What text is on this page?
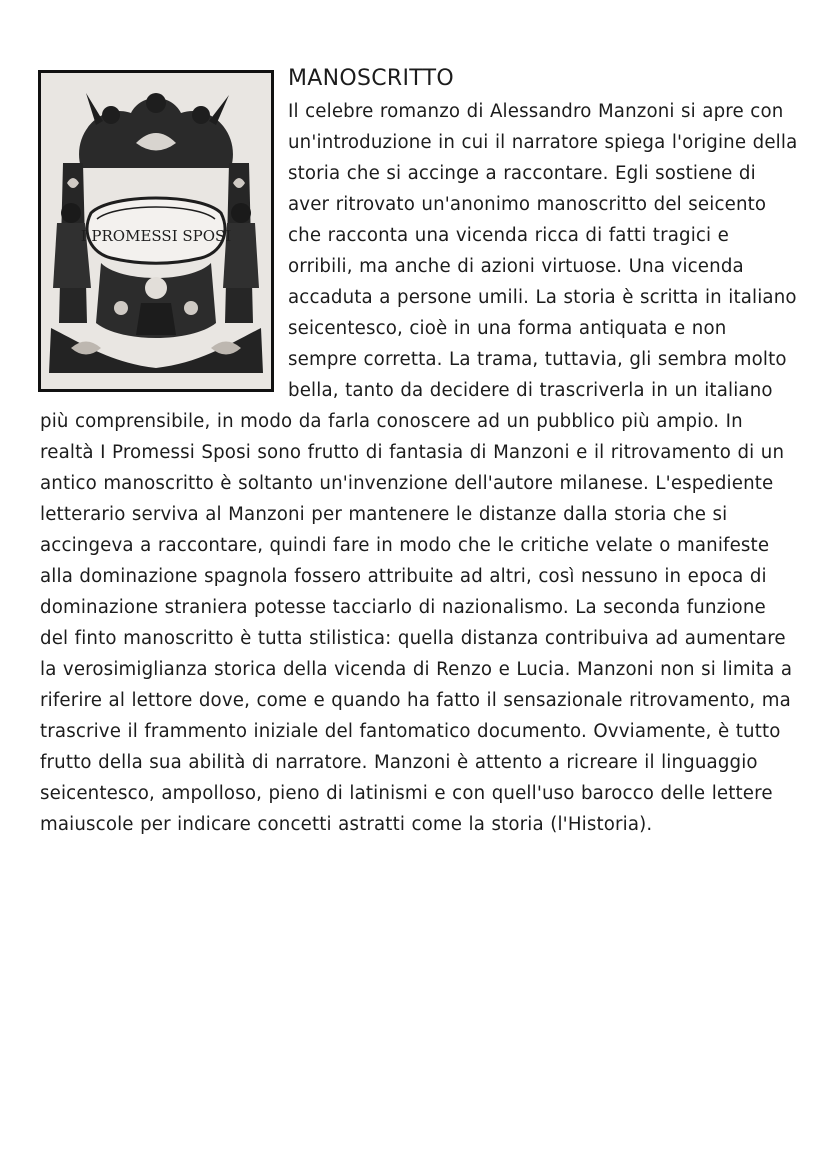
I PROMESSI SPOSI
MANOSCRITTO

Il celebre romanzo di Alessandro Manzoni si apre con un'introduzione in cui il narratore spiega l'origine della storia che si accinge a raccontare. Egli sostiene di aver ritrovato un'anonimo manoscritto del seicento che racconta una vicenda ricca di fatti tragici e orribili, ma anche di azioni virtuose. Una vicenda accaduta a persone umili. La storia è scritta in italiano seicentesco, cioè in una forma antiquata e non sempre corretta. La trama, tuttavia, gli sembra molto bella, tanto da decidere di trascriverla in un italiano più comprensibile, in modo da farla conoscere ad un pubblico più ampio. In realtà I Promessi Sposi sono frutto di fantasia di Manzoni e il ritrovamento di un antico manoscritto è soltanto un'invenzione dell'autore milanese. L'espediente letterario serviva al Manzoni per mantenere le distanze dalla storia che si accingeva a raccontare, quindi fare in modo che le critiche velate o manifeste alla dominazione spagnola fossero attribuite ad altri, così nessuno in epoca di dominazione straniera potesse tacciarlo di nazionalismo. La seconda funzione del finto manoscritto è tutta stilistica: quella distanza contribuiva ad aumentare la verosimiglianza storica della vicenda di Renzo e Lucia. Manzoni non si limita a riferire al lettore dove, come e quando ha fatto il sensazionale ritrovamento, ma trascrive il frammento iniziale del fantomatico documento. Ovviamente, è tutto frutto della sua abilità di narratore. Manzoni è attento a ricreare il linguaggio seicentesco, ampolloso, pieno di latinismi e con quell'uso barocco delle lettere maiuscole per indicare concetti astratti come la storia (l'Historia).
